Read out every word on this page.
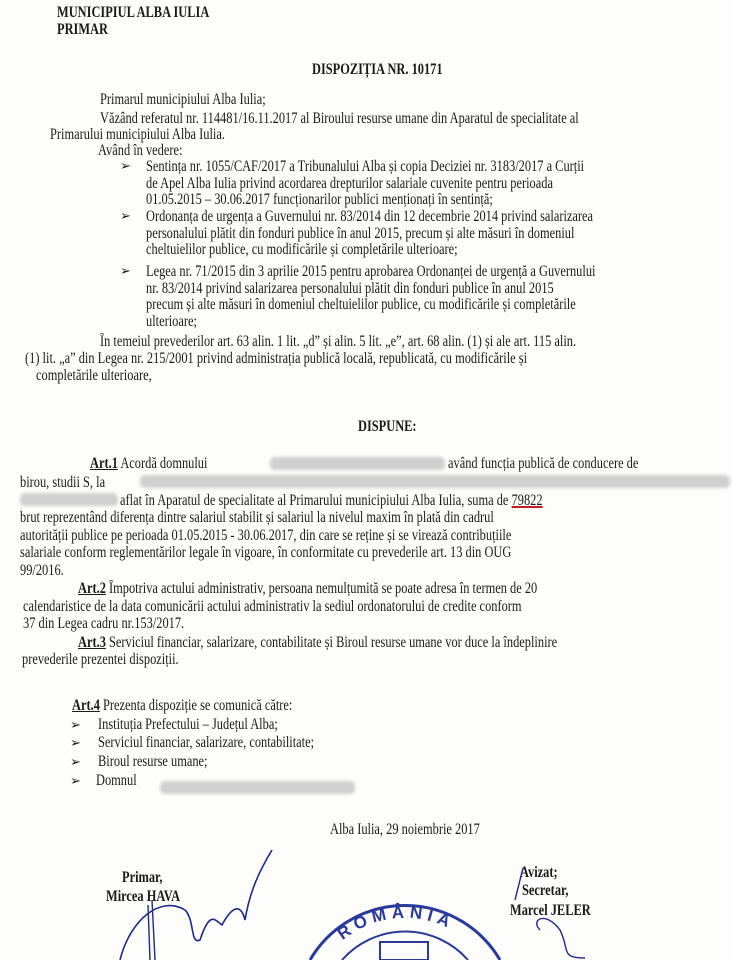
MUNICIPIUL ALBA IULIA
PRIMAR
DISPOZIȚIA NR. 10171
Primarul municipiului Alba Iulia;
Văzând referatul nr. 114481/16.11.2017 al Biroului resurse umane din Aparatul de specialitate al
Primarului municipiului Alba Iulia.
Având în vedere:
➢ Sentința nr. 1055/CAF/2017 a Tribunalului Alba și copia Deciziei nr. 3183/2017 a Curții
de Apel Alba Iulia privind acordarea drepturilor salariale cuvenite pentru perioada
01.05.2015 – 30.06.2017 funcționarilor publici menționați în sentință;
➢ Ordonanța de urgența a Guvernului nr. 83/2014 din 12 decembrie 2014 privind salarizarea
personalului plătit din fonduri publice în anul 2015, precum și alte măsuri în domeniul
cheltuielilor publice, cu modificările și completările ulterioare;
➢ Legea nr. 71/2015 din 3 aprilie 2015 pentru aprobarea Ordonanței de urgență a Guvernului
nr. 83/2014 privind salarizarea personalului plătit din fonduri publice în anul 2015
precum și alte măsuri în domeniul cheltuielilor publice, cu modificările și completările
ulterioare;
În temeiul prevederilor art. 63 alin. 1 lit. „d” și alin. 5 lit. „e”, art. 68 alin. (1) și ale art. 115 alin.
(1) lit. „a” din Legea nr. 215/2001 privind administrația publică locală, republicată, cu modificările și
completările ulterioare,
DISPUNE:
Art.1 Acordă domnului	având funcția publică de conducere de
birou, studii S, la
aflat în Aparatul de specialitate al Primarului municipiului Alba Iulia, suma de 79822
brut reprezentând diferența dintre salariul stabilit și salariul la nivelul maxim în plată din cadrul
autorității publice pe perioada 01.05.2015 - 30.06.2017, din care se reține și se virează contribuțiile
salariale conform reglementărilor legale în vigoare, în conformitate cu prevederile art. 13 din OUG
99/2016.
Art.2 Împotriva actului administrativ, persoana nemulțumită se poate adresa în termen de 20
calendaristice de la data comunicării actului administrativ la sediul ordonatorului de credite conform
37 din Legea cadru nr.153/2017.
Art.3 Serviciul financiar, salarizare, contabilitate și Biroul resurse umane vor duce la îndeplinire
prevederile prezentei dispoziții.
Art.4 Prezenta dispoziție se comunică către:
➢ Instituția Prefectului – Județul Alba;
➢ Serviciul financiar, salarizare, contabilitate;
➢ Biroul resurse umane;
➢ Domnul
Alba Iulia, 29 noiembrie 2017
Primar,
Mircea HAVA
Avizat;
Secretar,
Marcel JELER
ROMÂNIA
